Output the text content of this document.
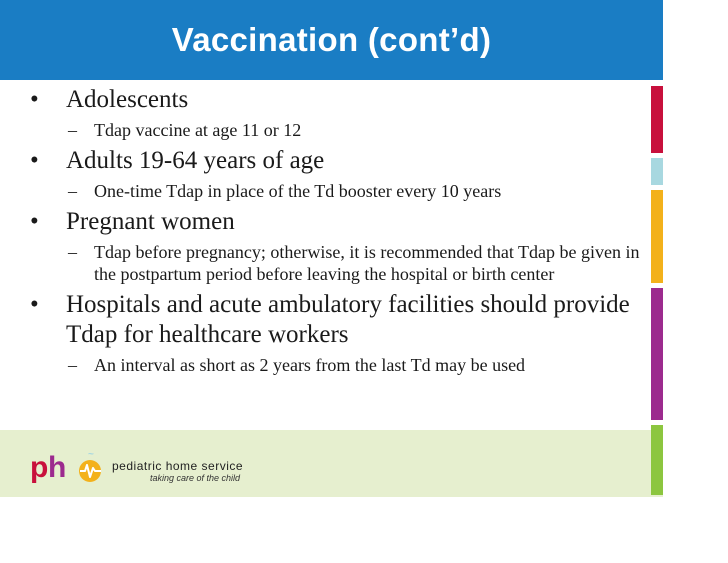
Vaccination (cont’d)
•	Adolescents
– Tdap vaccine at age 11 or 12
•	Adults 19-64 years of age
– One-time Tdap in place of the Td booster every 10 years
•	Pregnant women
– Tdap before pregnancy; otherwise, it is recommended that Tdap be given in the postpartum period before leaving the hospital or birth center
•	Hospitals and acute ambulatory facilities should provide Tdap for healthcare workers
– An interval as short as 2 years from the last Td may be used
p h ~
pediatric home service
taking care of the child
